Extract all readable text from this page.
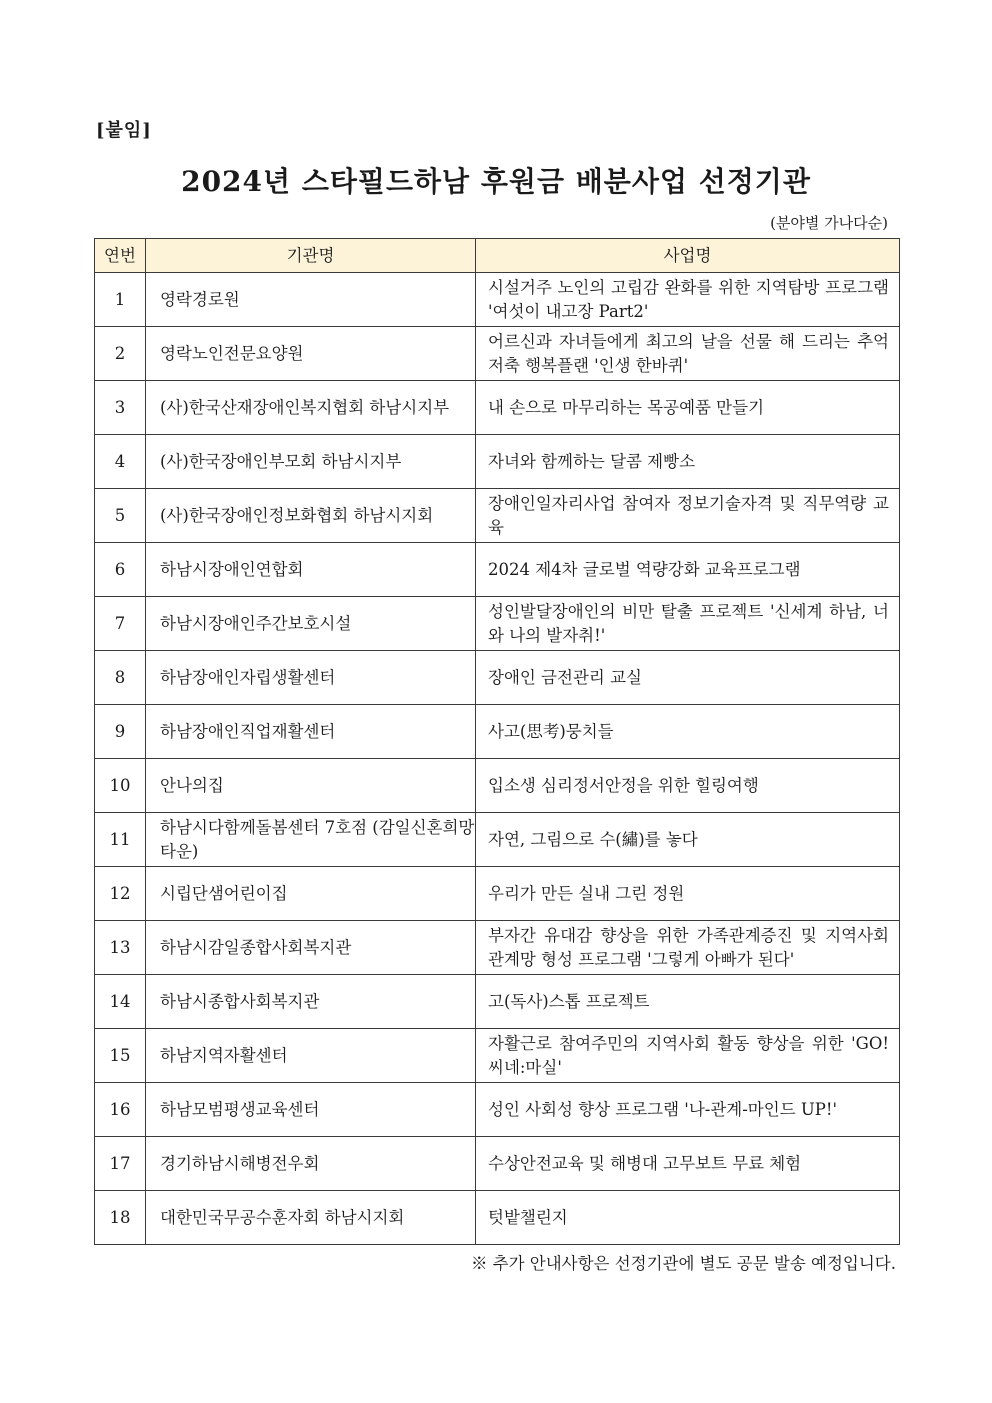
[붙임]
2024년 스타필드하남 후원금 배분사업 선정기관
(분야별 가나다순)
연번	기관명	사업명
1	영락경로원	시설거주 노인의 고립감 완화를 위한 지역탐방 프로그램 '여섯이 내고장 Part2'
2	영락노인전문요양원	어르신과 자녀들에게 최고의 날을 선물 해 드리는 추억저축 행복플랜 '인생 한바퀴'
3	(사)한국산재장애인복지협회 하남시지부	내 손으로 마무리하는 목공예품 만들기
4	(사)한국장애인부모회 하남시지부	자녀와 함께하는 달콤 제빵소
5	(사)한국장애인정보화협회 하남시지회	장애인일자리사업 참여자 정보기술자격 및 직무역량 교육
6	하남시장애인연합회	2024 제4차 글로벌 역량강화 교육프로그램
7	하남시장애인주간보호시설	성인발달장애인의 비만 탈출 프로젝트 '신세계 하남, 너와 나의 발자취!'
8	하남장애인자립생활센터	장애인 금전관리 교실
9	하남장애인직업재활센터	사고(思考)뭉치들
10	안나의집	입소생 심리정서안정을 위한 힐링여행
11	하남시다함께돌봄센터 7호점 (감일신혼희망타운)	자연, 그림으로 수(繡)를 놓다
12	시립단샘어린이집	우리가 만든 실내 그린 정원
13	하남시감일종합사회복지관	부자간 유대감 향상을 위한 가족관계증진 및 지역사회 관계망 형성 프로그램 '그렇게 아빠가 된다'
14	하남시종합사회복지관	고(독사)스톱 프로젝트
15	하남지역자활센터	자활근로 참여주민의 지역사회 활동 향상을 위한 'GO! 씨네:마실'
16	하남모범평생교육센터	성인 사회성 향상 프로그램 '나-관계-마인드 UP!'
17	경기하남시해병전우회	수상안전교육 및 해병대 고무보트 무료 체험
18	대한민국무공수훈자회 하남시지회	텃밭챌린지
※ 추가 안내사항은 선정기관에 별도 공문 발송 예정입니다.
